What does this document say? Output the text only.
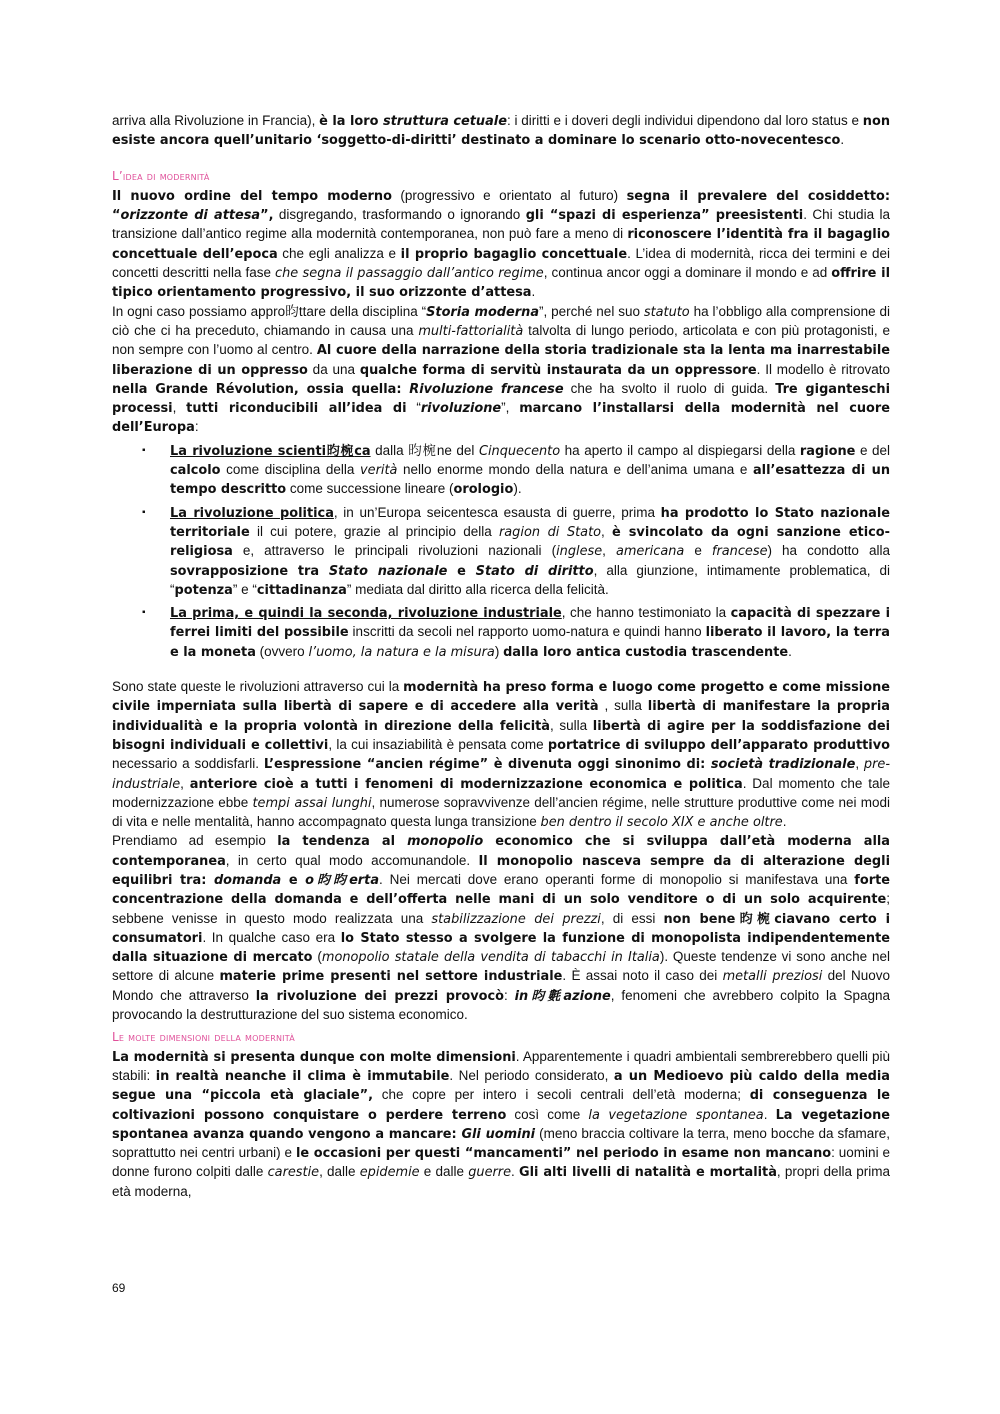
arriva alla Rivoluzione in Francia), è la loro struttura cetuale: i diritti e i doveri degli individui dipendono dal loro status e non esiste ancora quell’unitario ‘soggetto-di-diritti’ destinato a dominare lo scenario otto-novecentesco.

L’idea di modernità

Il nuovo ordine del tempo moderno (progressivo e orientato al futuro) segna il prevalere del cosiddetto: “orizzonte di attesa”, disgregando, trasformando o ignorando gli “spazi di esperienza” preesistenti. Chi studia la transizione dall’antico regime alla modernità contemporanea, non può fare a meno di riconoscere l’identità fra il bagaglio concettuale dell’epoca che egli analizza e il proprio bagaglio concettuale. L’idea di modernità, ricca dei termini e dei concetti descritti nella fase che segna il passaggio dall’antico regime, continua ancor oggi a dominare il mondo e ad offrire il tipico orientamento progressivo, il suo orizzonte d’attesa.

In ogni caso possiamo appro昀ttare della disciplina “Storia moderna”, perché nel suo statuto ha l’obbligo alla comprensione di ciò che ci ha preceduto, chiamando in causa una multi-fattorialità talvolta di lungo periodo, articolata e con più protagonisti, e non sempre con l’uomo al centro. Al cuore della narrazione della storia tradizionale sta la lenta ma inarrestabile liberazione di un oppresso da una qualche forma di servitù instaurata da un oppressore. Il modello è ritrovato nella Grande Révolution, ossia quella: Rivoluzione francese che ha svolto il ruolo di guida. Tre giganteschi processi, tutti riconducibili all’idea di “rivoluzione”, marcano l’installarsi della modernità nel cuore dell’Europa:

▪ La rivoluzione scienti昀椀ca dalla 昀椀ne del Cinquecento ha aperto il campo al dispiegarsi della ragione e del calcolo come disciplina della verità nello enorme mondo della natura e dell’anima umana e all’esattezza di un tempo descritto come successione lineare (orologio).
▪ La rivoluzione politica, in un’Europa seicentesca esausta di guerre, prima ha prodotto lo Stato nazionale territoriale il cui potere, grazie al principio della ragion di Stato, è svincolato da ogni sanzione etico-religiosa e, attraverso le principali rivoluzioni nazionali (inglese, americana e francese) ha condotto alla sovrapposizione tra Stato nazionale e Stato di diritto, alla giunzione, intimamente problematica, di “potenza” e “cittadinanza” mediata dal diritto alla ricerca della felicità.
▪ La prima, e quindi la seconda, rivoluzione industriale, che hanno testimoniato la capacità di spezzare i ferrei limiti del possibile inscritti da secoli nel rapporto uomo-natura e quindi hanno liberato il lavoro, la terra e la moneta (ovvero l’uomo, la natura e la misura) dalla loro antica custodia trascendente.

Sono state queste le rivoluzioni attraverso cui la modernità ha preso forma e luogo come progetto e come missione civile imperniata sulla libertà di sapere e di accedere alla verità , sulla libertà di manifestare la propria individualità e la propria volontà in direzione della felicità, sulla libertà di agire per la soddisfazione dei bisogni individuali e collettivi, la cui insaziabilità è pensata come portatrice di sviluppo dell’apparato produttivo necessario a soddisfarli. L’espressione “ancien régime” è divenuta oggi sinonimo di: società tradizionale, pre-industriale, anteriore cioè a tutti i fenomeni di modernizzazione economica e politica. Dal momento che tale modernizzazione ebbe tempi assai lunghi, numerose sopravvivenze dell’ancien régime, nelle strutture produttive come nei modi di vita e nelle mentalità, hanno accompagnato questa lunga transizione ben dentro il secolo XIX e anche oltre.

Prendiamo ad esempio la tendenza al monopolio economico che si sviluppa dall’età moderna alla contemporanea, in certo qual modo accomunandole. Il monopolio nasceva sempre da di alterazione degli equilibri tra: domanda e o昀昀erta. Nei mercati dove erano operanti forme di monopolio si manifestava una forte concentrazione della domanda e dell’offerta nelle mani di un solo venditore o di un solo acquirente; sebbene venisse in questo modo realizzata una stabilizzazione dei prezzi, di essi non bene昀椀ciavano certo i consumatori. In qualche caso era lo Stato stesso a svolgere la funzione di monopolista indipendentemente dalla situazione di mercato (monopolio statale della vendita di tabacchi in Italia). Queste tendenze vi sono anche nel settore di alcune materie prime presenti nel settore industriale. È assai noto il caso dei metalli preziosi del Nuovo Mondo che attraverso la rivoluzione dei prezzi provocò: in昀氀azione, fenomeni che avrebbero colpito la Spagna provocando la destrutturazione del suo sistema economico.

Le molte dimensioni della modernità

La modernità si presenta dunque con molte dimensioni. Apparentemente i quadri ambientali sembrerebbero quelli più stabili: in realtà neanche il clima è immutabile. Nel periodo considerato, a un Medioevo più caldo della media segue una “piccola età glaciale”, che copre per intero i secoli centrali dell’età moderna; di conseguenza le coltivazioni possono conquistare o perdere terreno così come la vegetazione spontanea. La vegetazione spontanea avanza quando vengono a mancare: Gli uomini (meno braccia coltivare la terra, meno bocche da sfamare, soprattutto nei centri urbani) e le occasioni per questi “mancamenti” nel periodo in esame non mancano: uomini e donne furono colpiti dalle carestie, dalle epidemie e dalle guerre. Gli alti livelli di natalità e mortalità, propri della prima età moderna,

69
